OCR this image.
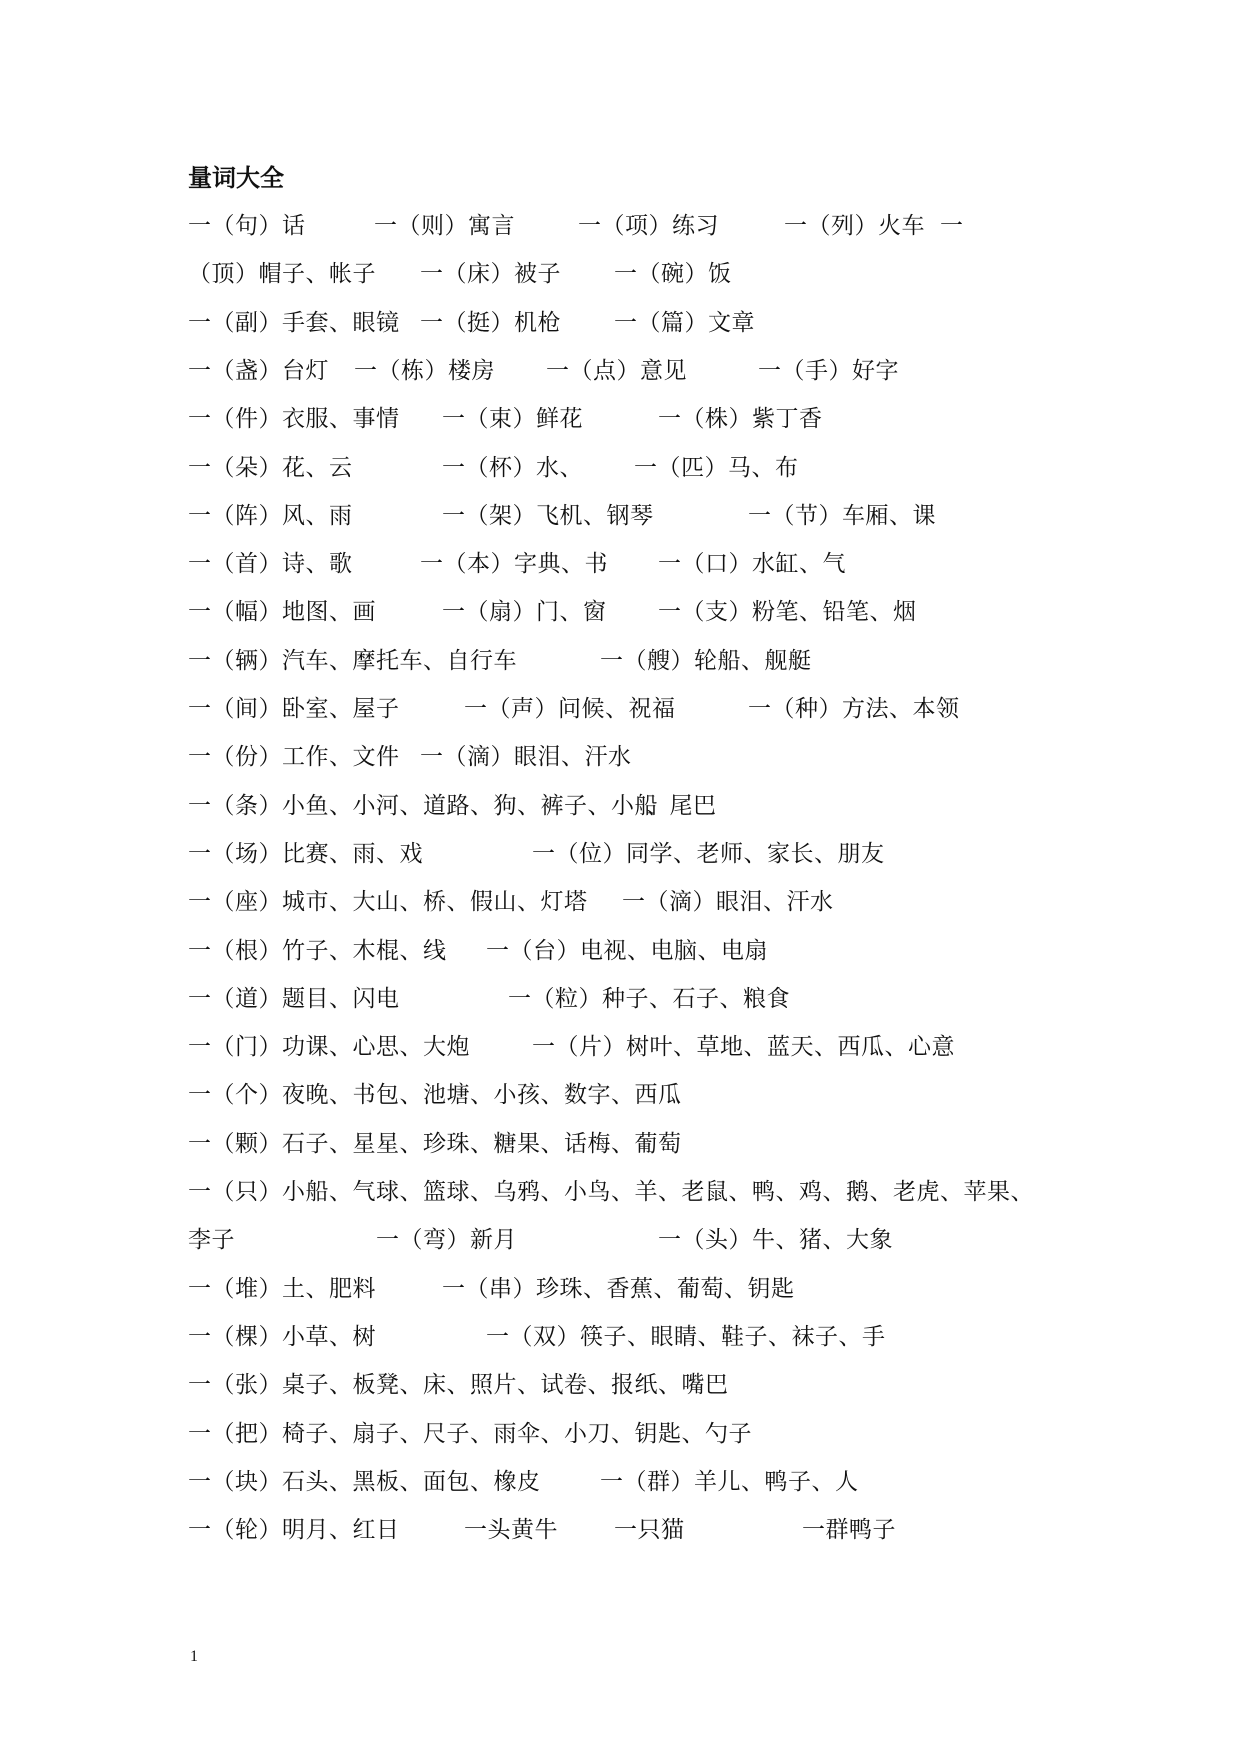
量词大全
一（句）话	一（则）寓言	一（项）练习	一（列）火车 一
（顶）帽子、帐子 一（床）被子 一（碗）饭
一（副）手套、眼镜 一（挺）机枪 一（篇）文章
一（盏）台灯 一（栋）楼房 一（点）意见	一（手）好字
一（件）衣服、事情 一（束）鲜花	一（株）紫丁香
一（朵）花、云	一（杯）水、 一（匹）马、布
一（阵）风、雨	一（架）飞机、钢琴	一（节）车厢、课
一（首）诗、歌	一（本）字典、书 一（口）水缸、气
一（幅）地图、画	一（扇）门、窗 一（支）粉笔、铅笔、烟
一（辆）汽车、摩托车、自行车	一（艘）轮船、舰艇
一（间）卧室、屋子	一（声）问候、祝福	一（种）方法、本领
一（份）工作、文件 一（滴）眼泪、汗水
一（条）小鱼、小河、道路、狗、裤子、小船
、尾巴
一（场）比赛、雨、戏	一（位）同学、老师、家长、朋友
一（座）城市、大山、桥、假山、灯塔 一（滴）眼泪、汗水
一（根）竹子、木棍、线 一（台）电视、电脑、电扇
一（道）题目、闪电	一（粒）种子、石子、粮食
一（门）功课、心思、大炮	一（片）树叶、草地、蓝天、西瓜、心意
一（个）夜晚、书包、池塘、小孩、数字、西瓜
一（颗）石子、星星、珍珠、糖果、话梅、葡萄
一（只）小船、气球、篮球、乌鸦、小鸟、羊、老鼠、鸭、鸡、鹅、老虎、苹果、
李子	一（弯）新月	一（头）牛、猪、大象
一（堆）土、肥料	一（串）珍珠、香蕉、葡萄、钥匙
一（棵）小草、树	一（双）筷子、眼睛、鞋子、袜子、手
一（张）桌子、板凳、床、照片、试卷、报纸、嘴巴
一（把）椅子、扇子、尺子、雨伞、小刀、钥匙、勺子
一（块）石头、黑板、面包、橡皮	一（群）羊儿、鸭子、人
一（轮）明月、红日	一头黄牛 一只猫	一群鸭子
1
